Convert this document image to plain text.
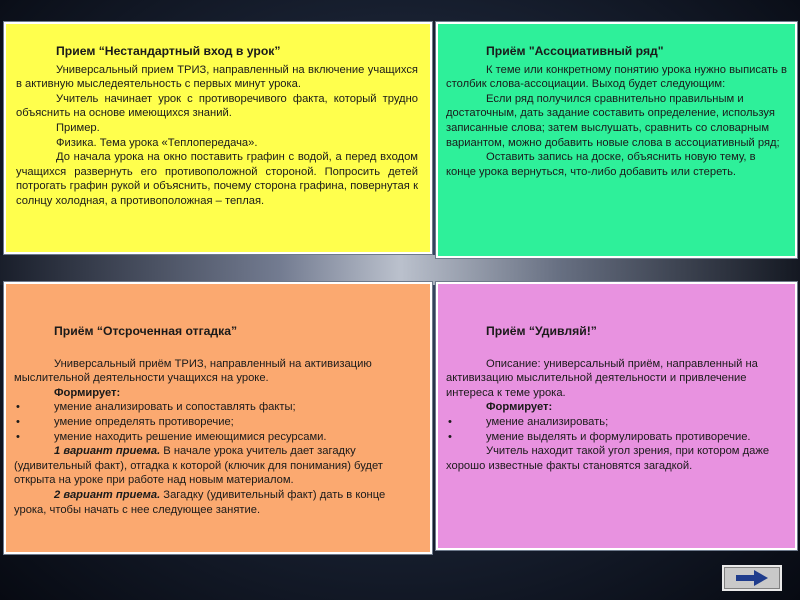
Прием “Нестандартный вход в урок”

Универсальный прием ТРИЗ, направленный на включение учащихся в активную мыследеятельность с первых минут урока.

Учитель начинает урок с противоречивого факта, который трудно объяснить на основе имеющихся знаний.

Пример.

Физика. Тема урока «Теплопередача».

До начала урока на окно поставить графин с водой, а перед входом учащихся развернуть его противоположной стороной. Попросить детей потрогать графин рукой и объяснить, почему сторона графина, повернутая к солнцу холодная, а противоположная – теплая.

Приём "Ассоциативный ряд"

К теме или конкретному понятию урока нужно выписать в столбик слова-ассоциации. Выход будет следующим:

Если ряд получился сравнительно правильным и достаточным, дать задание составить определение, используя записанные слова; затем выслушать, сравнить со словарным вариантом, можно добавить новые слова в ассоциативный ряд;

Оставить запись на доске, объяснить новую тему, в конце урока вернуться, что-либо добавить или стереть.

Приём “Отсроченная отгадка”

Универсальный приём ТРИЗ, направленный на активизацию мыслительной деятельности учащихся на уроке.

Формирует:

•	умение анализировать и сопоставлять факты;
•	умение определять противоречие;
•	умение находить решение имеющимися ресурсами.

1 вариант приема. В начале урока учитель дает загадку (удивительный факт), отгадка к которой (ключик для понимания) будет открыта на уроке при работе над новым материалом.

2 вариант приема. Загадку (удивительный факт) дать в конце урока, чтобы начать с нее следующее занятие.

Приём “Удивляй!”

Описание: универсальный приём, направленный на активизацию мыслительной деятельности и привлечение интереса к теме урока.

Формирует:

•	умение анализировать;
•	умение выделять и формулировать противоречие.

Учитель находит такой угол зрения, при котором даже хорошо известные факты становятся загадкой.
